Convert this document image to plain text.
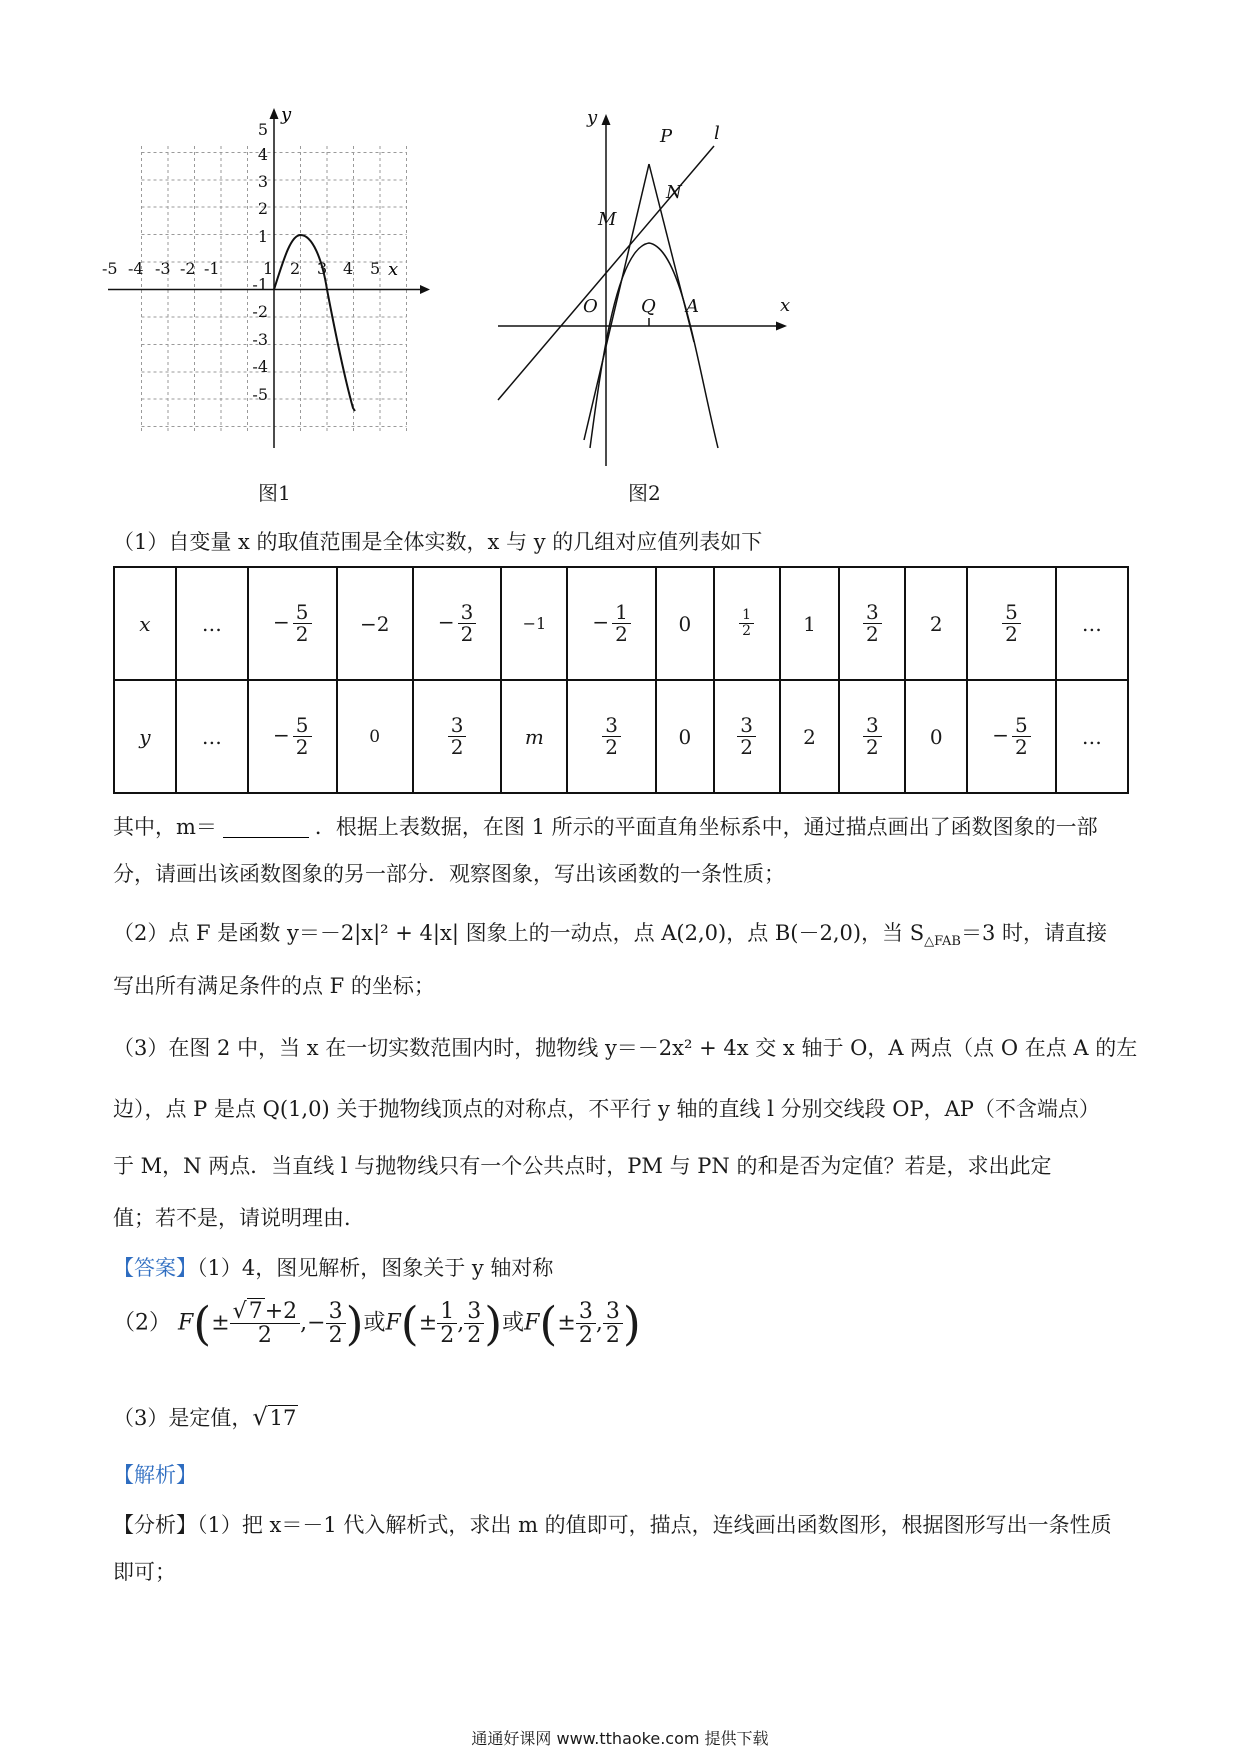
y
x
-5 -4 -3 -2 -1	1 2 3 4 5
5
4
3
2
1
-1
-2
-3
-4
-5
图1
y
P l
N
M
O Q A	x
图2
（1）自变量 x 的取值范围是全体实数，x 与 y 的几组对应值列表如下
x	…	− $\frac{5}{2}$	−2	− $\frac{3}{2}$	−1	− $\frac{1}{2}$	0	$\frac{1}{2}$	1	$\frac{3}{2}$	2	$\frac{5}{2}$	…
y	…	− $\frac{5}{2}$	0	$\frac{3}{2}$	m	$\frac{3}{2}$	0	$\frac{3}{2}$	2	$\frac{3}{2}$	0	− $\frac{5}{2}$	…
其中，m＝	．根据上表数据，在图 1 所示的平面直角坐标系中，通过描点画出了函数图象的一部
分，请画出该函数图象的另一部分．观察图象，写出该函数的一条性质；
（2）点 F 是函数 y＝－2|x|² + 4|x| 图象上的一动点，点 A(2,0)，点 B(－2,0)，当 $S_{\triangle FAB}=3$ 时，请直接
写出所有满足条件的点 F 的坐标；
（3）在图 2 中，当 x 在一切实数范围内时，抛物线 y＝－2x² + 4x 交 x 轴于 O，A 两点（点 O 在点 A 的左
边），点 P 是点 Q(1,0) 关于抛物线顶点的对称点，不平行 y 轴的直线 l 分别交线段 OP，AP（不含端点）
于 M，N 两点．当直线 l 与抛物线只有一个公共点时，PM 与 PN 的和是否为定值？若是，求出此定
值；若不是，请说明理由．
【答案】（1）4，图见解析，图象关于 y 轴对称
（2） $F(\pm \frac{√7+2}{2}$ ,− $\frac{3}{2}$ )或$F(\pm \frac{1}{2}$ , $\frac{3}{2}$ )或$F(\pm \frac{3}{2}$ , $\frac{3}{2}$ )
（3）是定值，√17
【解析】
【分析】（1）把 x＝－1 代入解析式，求出 m 的值即可，描点，连线画出函数图形，根据图形写出一条性质
即可；
通通好课网 www.tthaoke.com 提供下载
